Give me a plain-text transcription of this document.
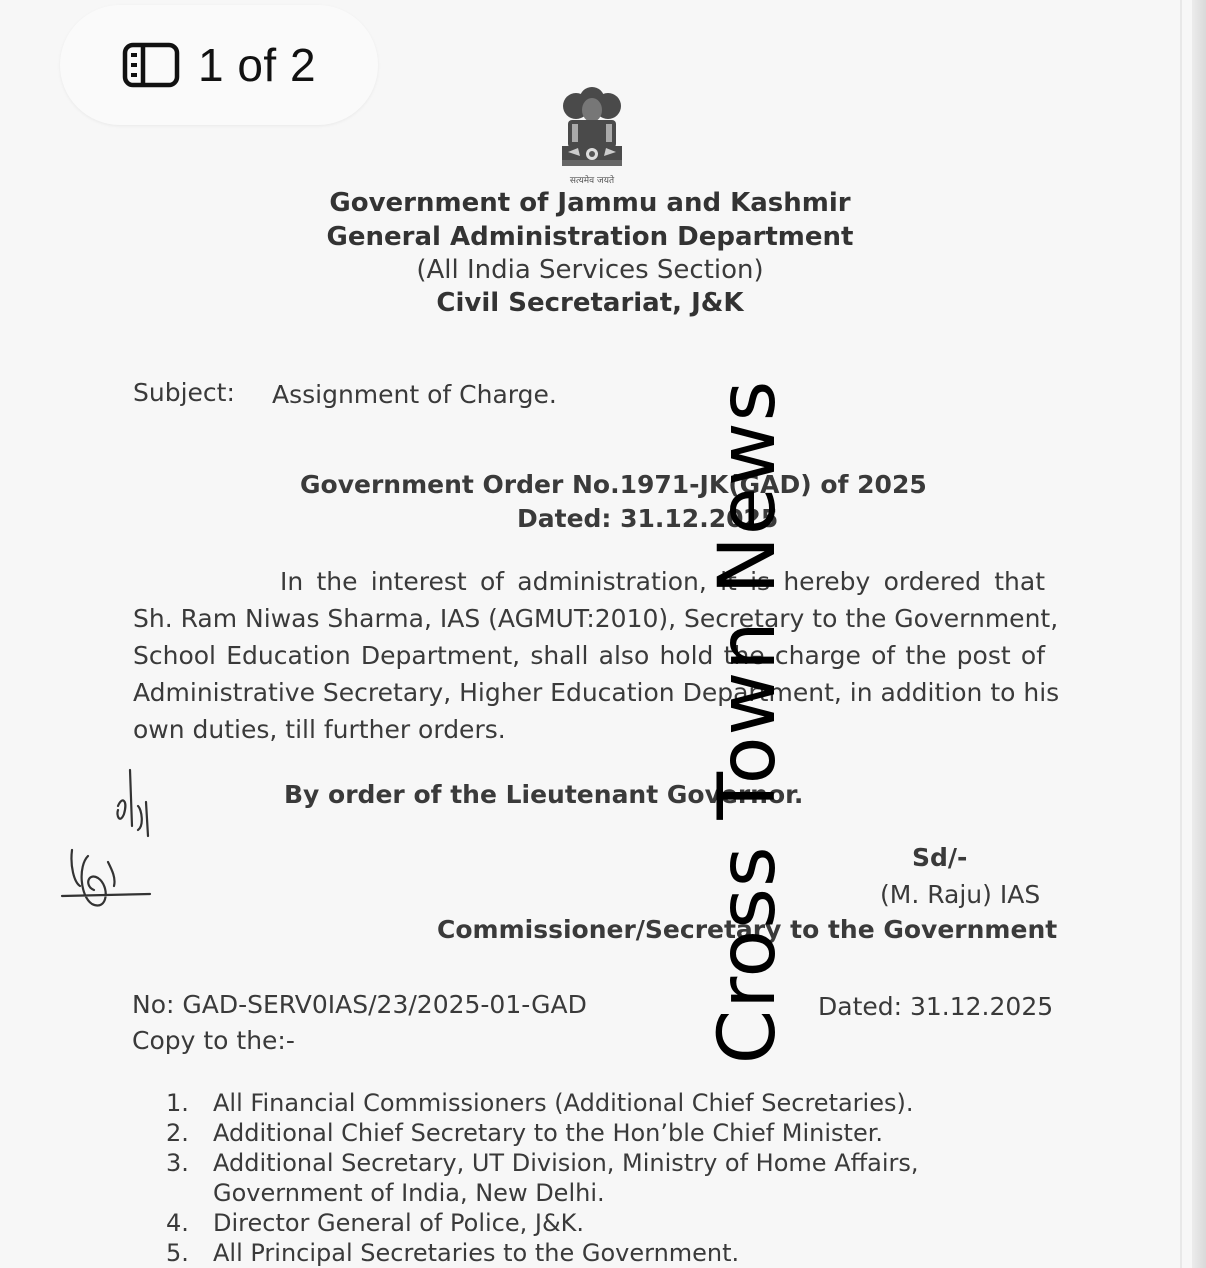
1 of 2
सत्यमेव जयते
Government of Jammu and Kashmir
General Administration Department
(All India Services Section)
Civil Secretariat, J&K
Subject: Assignment of Charge.
Government Order No.1971-JK(GAD) of 2025
Dated: 31.12.2025
In the interest of administration, it is hereby ordered that
Sh. Ram Niwas Sharma, IAS (AGMUT:2010), Secretary to the Government,
School Education Department, shall also hold the charge of the post of
Administrative Secretary, Higher Education Department, in addition to his
own duties, till further orders.
By order of the Lieutenant Governor.
Sd/-
(M. Raju) IAS
Commissioner/Secretary to the Government
No: GAD-SERV0IAS/23/2025-01-GAD	Dated: 31.12.2025
Copy to the:-
1.	All Financial Commissioners (Additional Chief Secretaries).
2.	Additional Chief Secretary to the Hon’ble Chief Minister.
3.	Additional Secretary, UT Division, Ministry of Home Affairs, Government of India, New Delhi.
4.	Director General of Police, J&K.
5.	All Principal Secretaries to the Government.
Cross Town News
